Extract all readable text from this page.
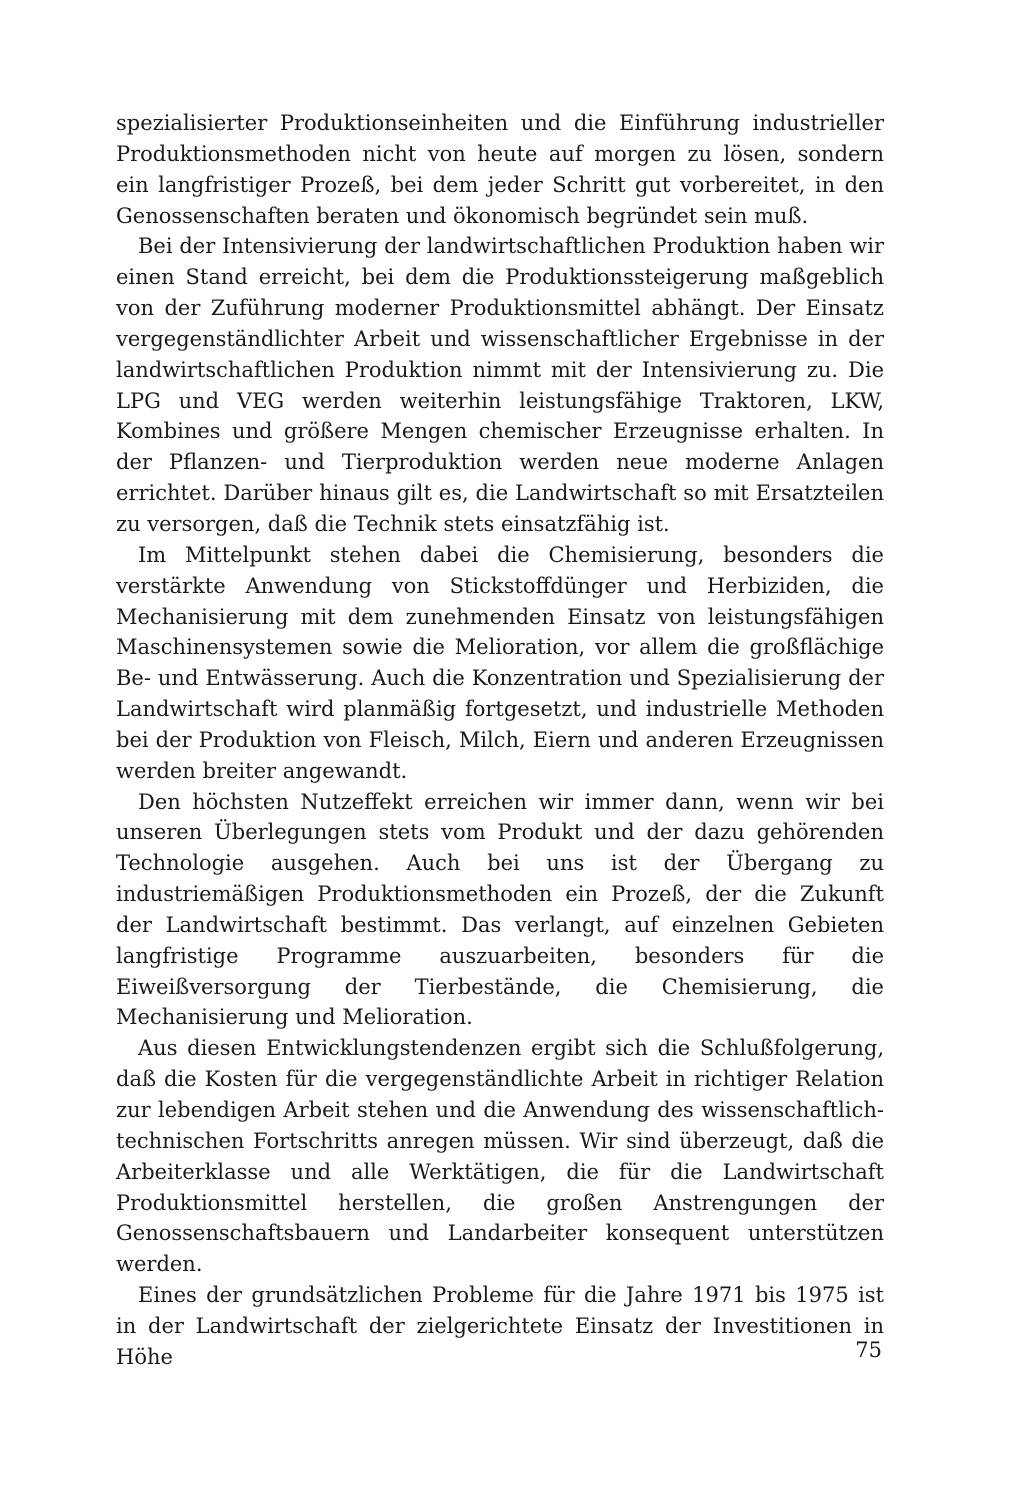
spezialisierter Produktionseinheiten und die Einführung industrieller Produktionsmethoden nicht von heute auf morgen zu lösen, sondern ein langfristiger Prozeß, bei dem jeder Schritt gut vorbereitet, in den Genossenschaften beraten und ökonomisch begründet sein muß.

Bei der Intensivierung der landwirtschaftlichen Produktion haben wir einen Stand erreicht, bei dem die Produktionssteigerung maßgeblich von der Zuführung moderner Produktionsmittel abhängt. Der Einsatz vergegenständlichter Arbeit und wissenschaftlicher Ergebnisse in der landwirtschaftlichen Produktion nimmt mit der Intensivierung zu. Die LPG und VEG werden weiterhin leistungsfähige Traktoren, LKW, Kombines und größere Mengen chemischer Erzeugnisse erhalten. In der Pflanzen- und Tierproduktion werden neue moderne Anlagen errichtet. Darüber hinaus gilt es, die Landwirtschaft so mit Ersatzteilen zu versorgen, daß die Technik stets einsatzfähig ist.

Im Mittelpunkt stehen dabei die Chemisierung, besonders die verstärkte Anwendung von Stickstoffdünger und Herbiziden, die Mechanisierung mit dem zunehmenden Einsatz von leistungsfähigen Maschinensystemen sowie die Melioration, vor allem die großflächige Be- und Entwässerung. Auch die Konzentration und Spezialisierung der Landwirtschaft wird planmäßig fortgesetzt, und industrielle Methoden bei der Produktion von Fleisch, Milch, Eiern und anderen Erzeugnissen werden breiter angewandt.

Den höchsten Nutzeffekt erreichen wir immer dann, wenn wir bei unseren Überlegungen stets vom Produkt und der dazu gehörenden Technologie ausgehen. Auch bei uns ist der Übergang zu industriemäßigen Produktionsmethoden ein Prozeß, der die Zukunft der Landwirtschaft bestimmt. Das verlangt, auf einzelnen Gebieten langfristige Programme auszuarbeiten, besonders für die Eiweißversorgung der Tierbestände, die Chemisierung, die Mechanisierung und Melioration.

Aus diesen Entwicklungstendenzen ergibt sich die Schlußfolgerung, daß die Kosten für die vergegenständlichte Arbeit in richtiger Relation zur lebendigen Arbeit stehen und die Anwendung des wissenschaftlich-technischen Fortschritts anregen müssen. Wir sind überzeugt, daß die Arbeiterklasse und alle Werktätigen, die für die Landwirtschaft Produktionsmittel herstellen, die großen Anstrengungen der Genossenschaftsbauern und Landarbeiter konsequent unterstützen werden.

Eines der grundsätzlichen Probleme für die Jahre 1971 bis 1975 ist in der Landwirtschaft der zielgerichtete Einsatz der Investitionen in Höhe	75
